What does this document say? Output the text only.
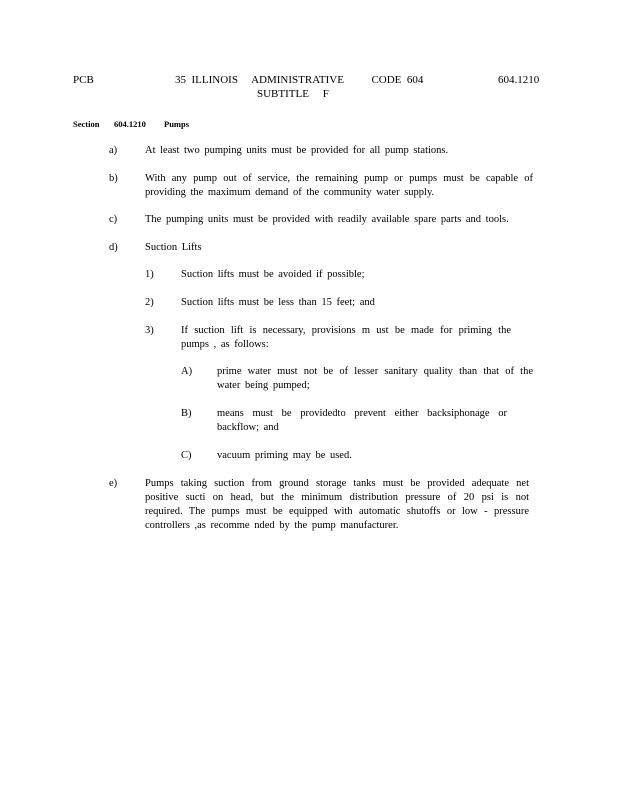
PCB	35  ILLINOIS     ADMINISTRATIVE          CODE  604
SUBTITLE     F
604.1210
Section 604.1210 Pumps
a)	At least two pumping units must be provided for all pump stations.
b)	With any pump out of service, the remaining pump or pumps must be capable of providing the maximum demand of the community water supply.
c)	The pumping units must be provided with readily available spare parts and tools.
d)	Suction Lifts
1)	Suction lifts must be avoided if possible;
2)	Suction lifts must be less than 15 feet; and
3)	If suction lift is necessary, provisions m ust be made for priming the pumps , as follows:
A) prime water must not be of lesser sanitary quality than that of the water being pumped;
B) means must be providedto prevent either backsiphonage or backflow; and
C) vacuum priming may be used.
e)	Pumps taking suction from ground storage tanks must be provided adequate net positive sucti on head, but the minimum distribution pressure of 20 psi is not required. The pumps must be equipped with automatic shutoffs or low - pressure controllers ,as recomme nded by the pump manufacturer.
